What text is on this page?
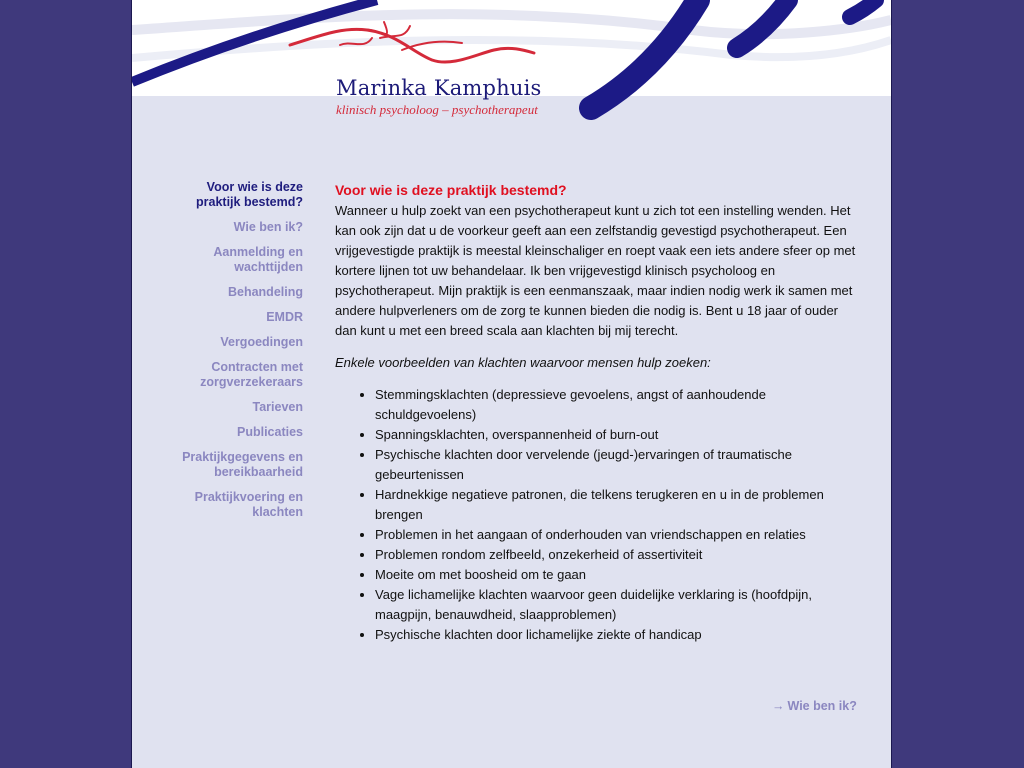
Marinka Kamphuis

klinisch psycholoog – psychotherapeut

Voor wie is deze praktijk bestemd?
Wie ben ik?
Aanmelding en wachttijden
Behandeling
EMDR
Vergoedingen
Contracten met zorgverzekeraars
Tarieven
Publicaties
Praktijkgegevens en bereikbaarheid
Praktijkvoering en klachten
Voor wie is deze praktijk bestemd?

Wanneer u hulp zoekt van een psychotherapeut kunt u zich tot een instelling wenden. Het kan ook zijn dat u de voorkeur geeft aan een zelfstandig gevestigd psychotherapeut. Een vrijgevestigde praktijk is meestal kleinschaliger en roept vaak een iets andere sfeer op met kortere lijnen tot uw behandelaar. Ik ben vrijgevestigd klinisch psycholoog en psychotherapeut. Mijn praktijk is een eenmanszaak, maar indien nodig werk ik samen met andere hulpverleners om de zorg te kunnen bieden die nodig is. Bent u 18 jaar of ouder dan kunt u met een breed scala aan klachten bij mij terecht.

Enkele voorbeelden van klachten waarvoor mensen hulp zoeken:

• Stemmingsklachten (depressieve gevoelens, angst of aanhoudende schuldgevoelens)
• Spanningsklachten, overspannenheid of burn-out
• Psychische klachten door vervelende (jeugd-)ervaringen of traumatische gebeurtenissen
• Hardnekkige negatieve patronen, die telkens terugkeren en u in de problemen brengen
• Problemen in het aangaan of onderhouden van vriendschappen en relaties
• Problemen rondom zelfbeeld, onzekerheid of assertiviteit
• Moeite om met boosheid om te gaan
• Vage lichamelijke klachten waarvoor geen duidelijke verklaring is (hoofdpijn, maagpijn, benauwdheid, slaapproblemen)
• Psychische klachten door lichamelijke ziekte of handicap
→ Wie ben ik?
